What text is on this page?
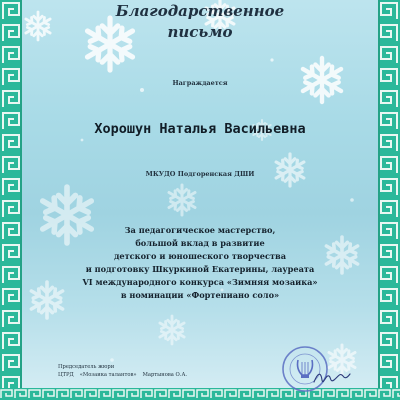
Благодарственное
письмо
Награждается
Хорошун Наталья Васильевна
МКУДО Подгоренская ДШИ
За педагогическое мастерство,
большой вклад в развитие
детского и юношеского творчества
и подготовку Шкуркиной Екатерины, лауреата
VI международного конкурса «Зимняя мозаика»
в номинации «Фортепиано соло»
Председатель жюри
ЦТРД «Мозаика талантов» Мартынова О.А.
